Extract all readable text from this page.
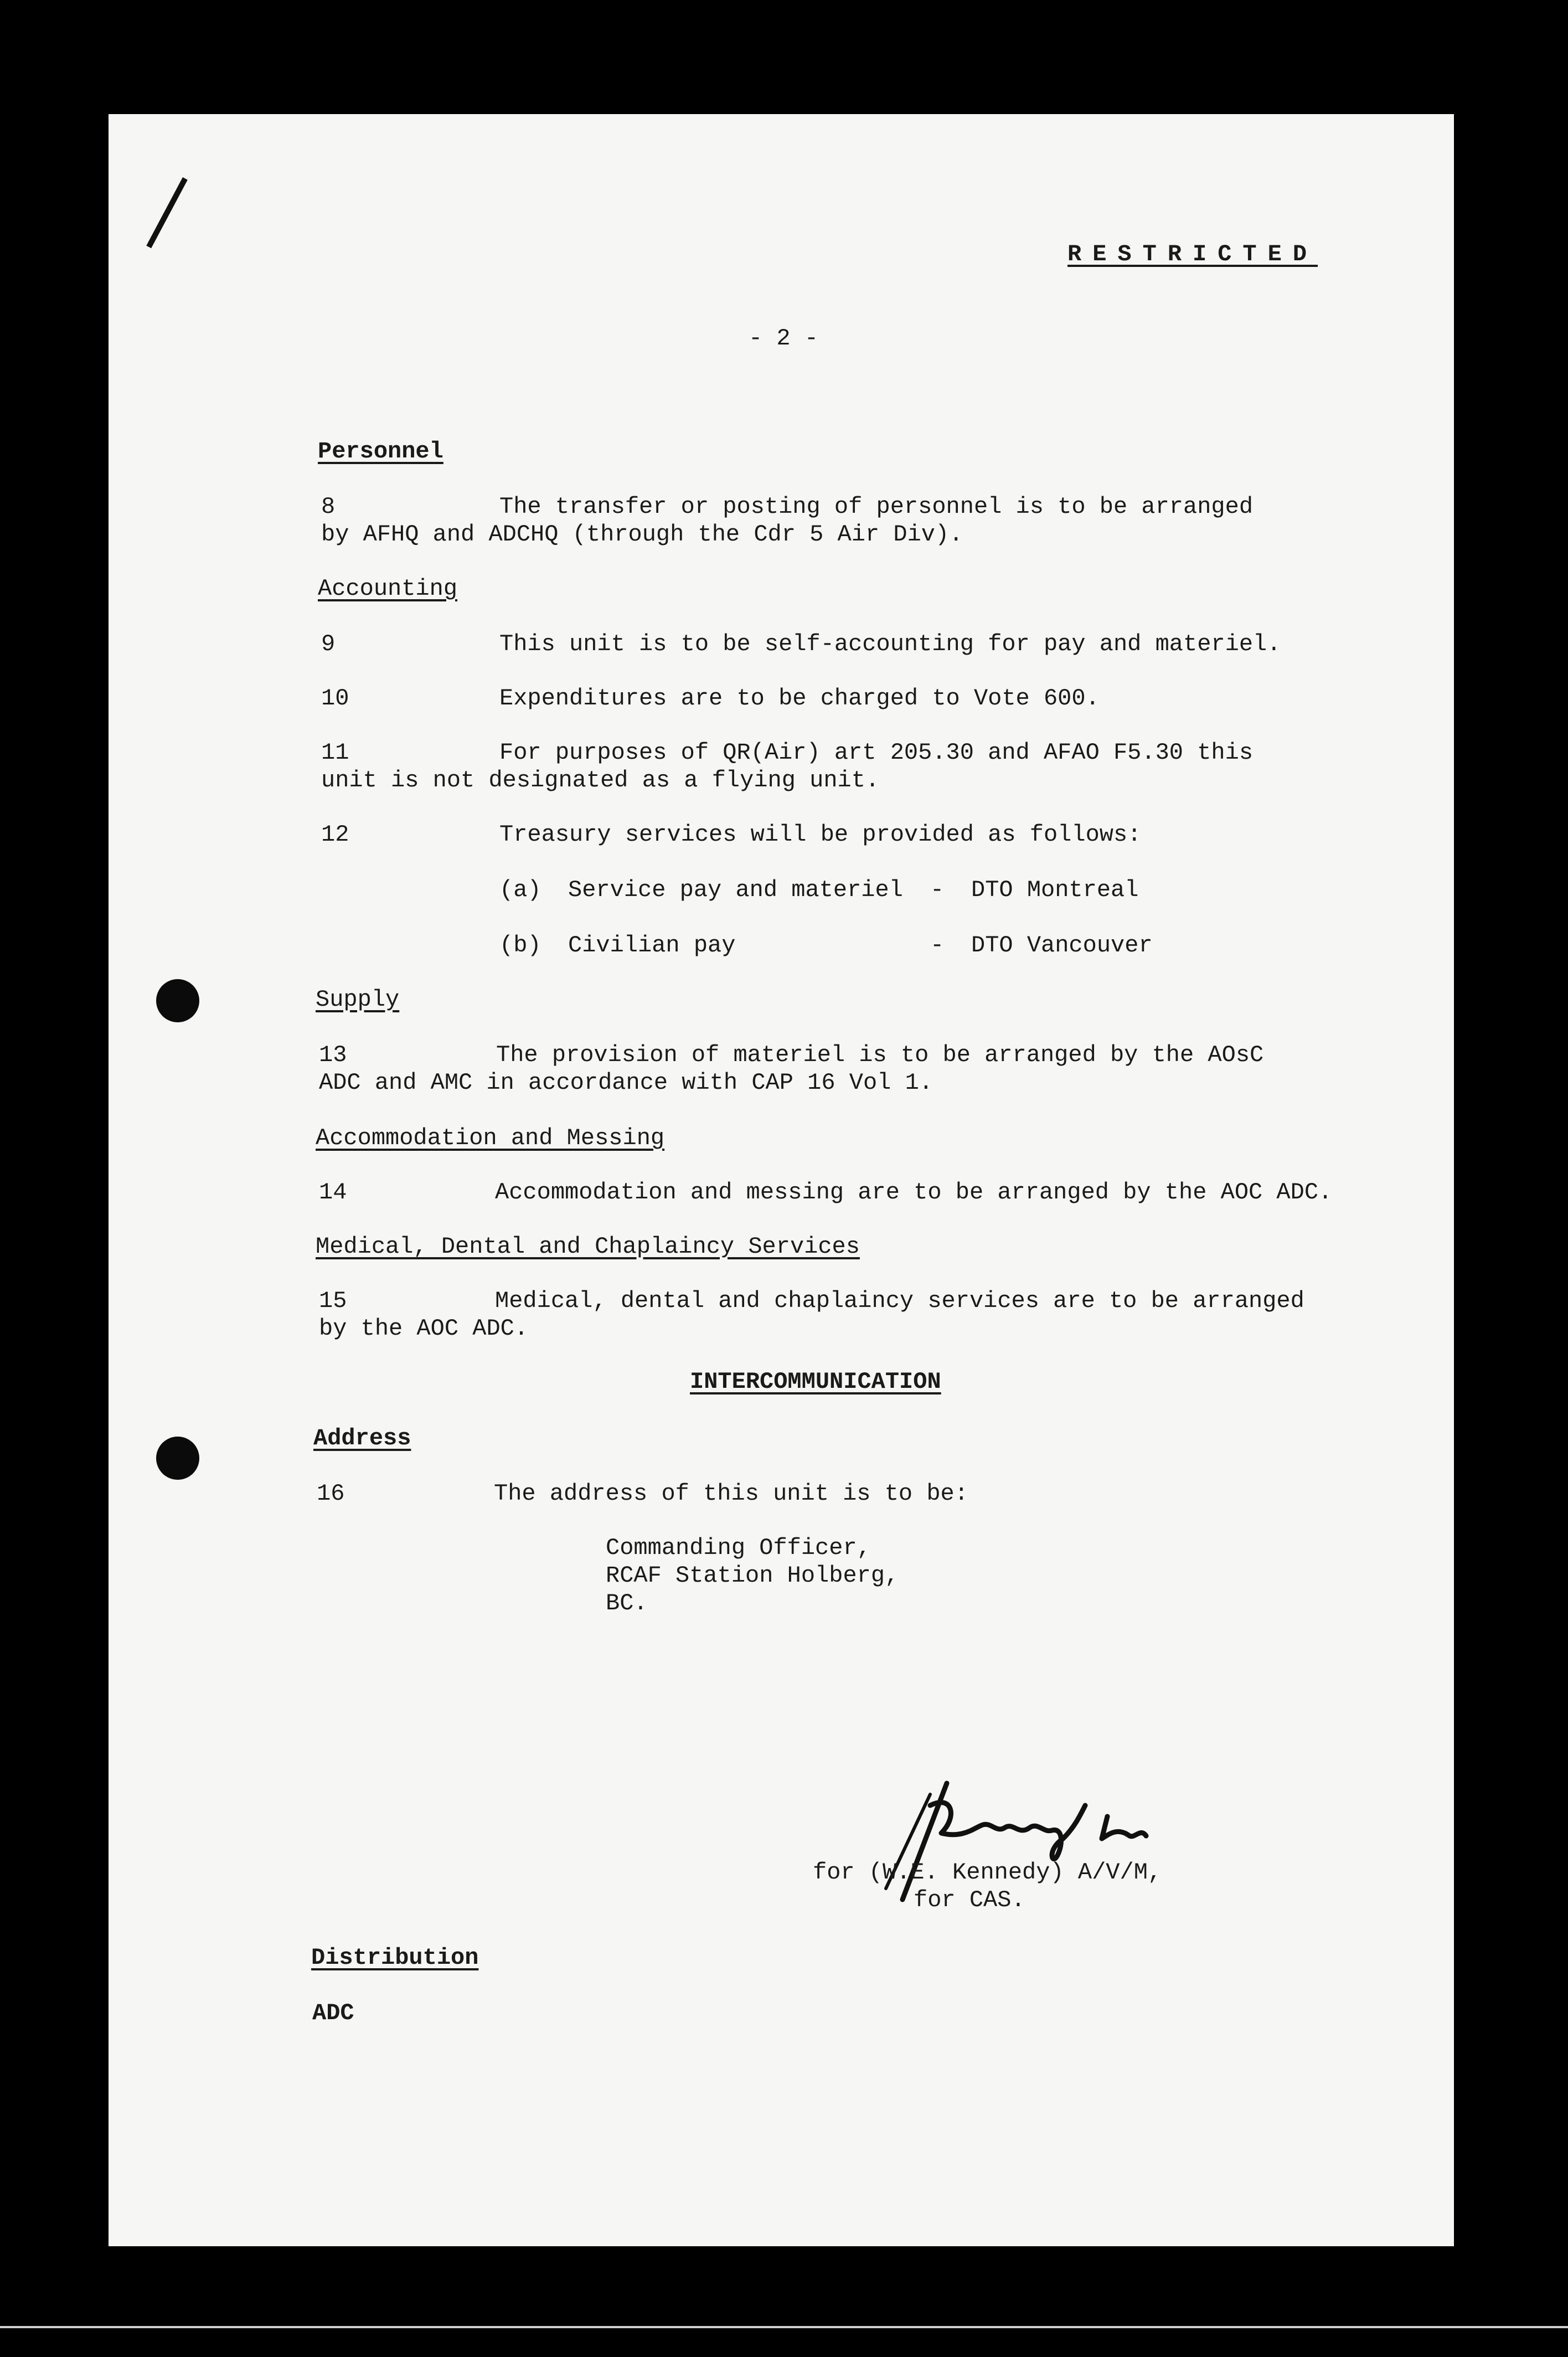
RESTRICTED
- 2 -
Personnel
8	The transfer or posting of personnel is to be arranged
by AFHQ and ADCHQ (through the Cdr 5 Air Div).
Accounting
9	This unit is to be self-accounting for pay and materiel.
10	Expenditures are to be charged to Vote 600.
11	For purposes of QR(Air) art 205.30 and AFAO F5.30 this
unit is not designated as a flying unit.
12	Treasury services will be provided as follows:
(a) Service pay and materiel - DTO Montreal
(b) Civilian pay	- DTO Vancouver
Supply
13	The provision of materiel is to be arranged by the AOsC
ADC and AMC in accordance with CAP 16 Vol 1.
Accommodation and Messing
14	Accommodation and messing are to be arranged by the AOC ADC.
Medical, Dental and Chaplaincy Services
15	Medical, dental and chaplaincy services are to be arranged
by the AOC ADC.
INTERCOMMUNICATION
Address
16	The address of this unit is to be:
Commanding Officer,
RCAF Station Holberg,
BC.
for (W.E. Kennedy) A/V/M,
for CAS.
Distribution
ADC
